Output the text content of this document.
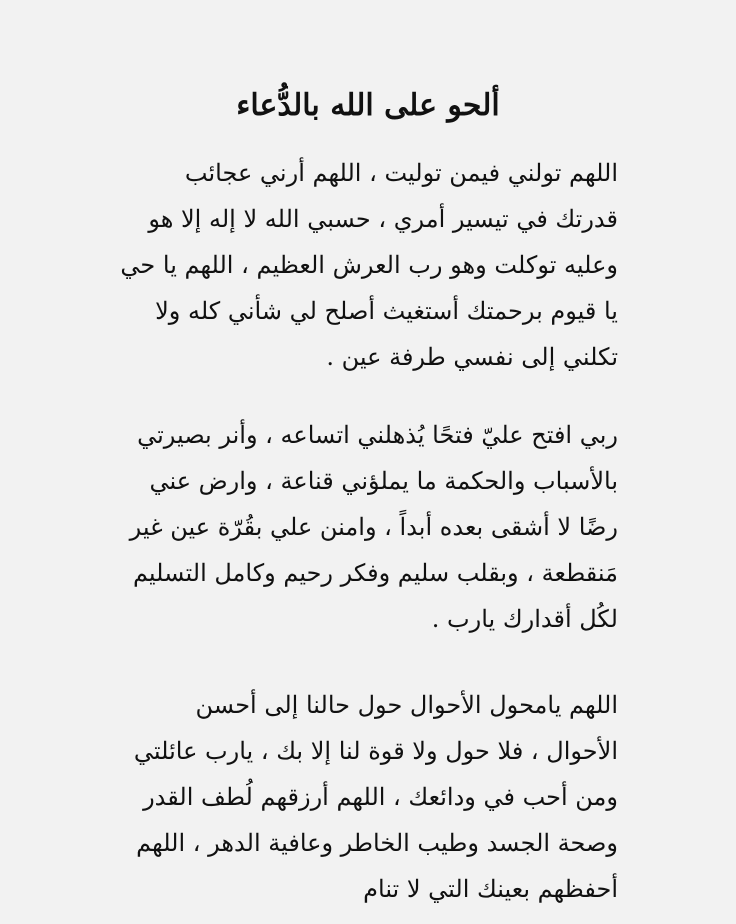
ألحو على الله بالدُّعاء
اللهم تولني فيمن توليت ، اللهم أرني عجائب
قدرتك في تيسير أمري ، حسبي الله لا إله إلا هو
وعليه توكلت وهو رب العرش العظيم ، اللهم يا حي
يا قيوم برحمتك أستغيث أصلح لي شأني كله ولا
تكلني إلى نفسي طرفة عين .
ربي افتح عليّ فتحًا يُذهلني اتساعه ، وأنر بصيرتي
بالأسباب والحكمة ما يملؤني قناعة ، وارض عني
رضًا لا أشقى بعده أبداً ، وامنن علي بقُرّة عين غير
مَنقطعة ، وبقلب سليم وفكر رحيم وكامل التسليم
لكُل أقدارك يارب .
اللهم يامحول الأحوال حول حالنا إلى أحسن
الأحوال ، فلا حول ولا قوة لنا إلا بك ، يارب عائلتي
ومن أحب في ودائعك ، اللهم أرزقهم لُطف القدر
وصحة الجسد وطيب الخاطر وعافية الدهر ، اللهم
أحفظهم بعينك التي لا تنام
